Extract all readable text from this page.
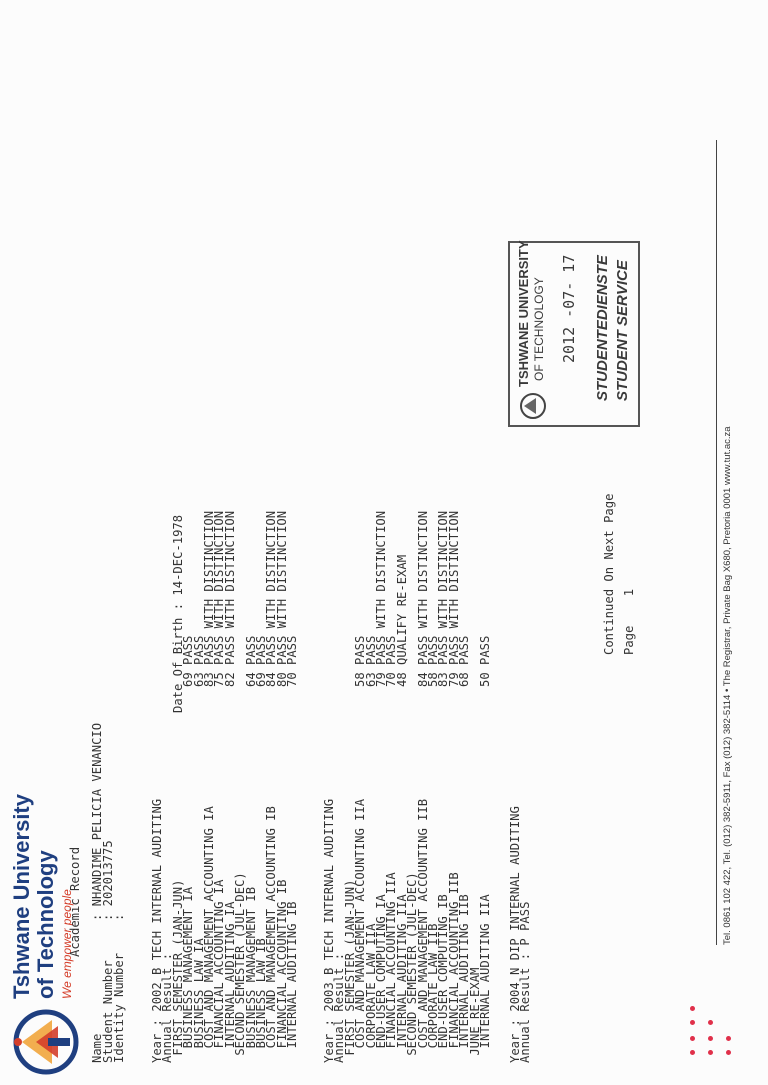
Tshwane University of Technology We empower people
Academic Record
Name
: NHANDIME PELICIA VENANCIO
Student Number
: 202013775
Identity Number
:
Date Of Birth : 14-DEC-1978
Year : 2002 B TECH INTERNAL AUDITING
Annual Result :
FIRST SEMESTER (JAN-JUN)
BUSINESS MANAGEMENT IA
69
PASS
BUSINESS LAW IA
63
PASS
COST AND MANAGEMENT ACCOUNTING IA
83
PASS WITH DISTINCTION
FINANCIAL ACCOUNTING IA
75
PASS WITH DISTINCTION
INTERNAL AUDITING IA
82
PASS WITH DISTINCTION
SECOND SEMESTER (JUL-DEC)
BUSINESS MANAGEMENT IB
64
PASS
BUSINESS LAW IB
69
PASS
COST AND MANAGEMENT ACCOUNTING IB
84
PASS WITH DISTINCTION
FINANCIAL ACCOUNTING IB
80
PASS WITH DISTINCTION
INTERNAL AUDITING IB
70
PASS
Year : 2003 B TECH INTERNAL AUDITING
Annual Result :
FIRST SEMESTER (JAN-JUN)
COST AND MANAGEMENT ACCOUNTING IIA
58
PASS
CORPORATE LAW IIA
63
PASS
END-USER COMPUTING IA
79
PASS WITH DISTINCTION
FINANCIAL ACCOUNTING IIA
70
PASS
INTERNAL AUDITING IIA
48
QUALIFY RE-EXAM
SECOND SEMESTER (JUL-DEC)
COST AND MANAGEMENT ACCOUNTING IIB
84
PASS WITH DISTINCTION
CORPORATE LAW IIB
58
PASS
END-USER COMPUTING IB
83
PASS WITH DISTINCTION
FINANCIAL ACCOUNTING IIB
79
PASS WITH DISTINCTION
INTERNAL AUDITING IIB
68
PASS
JUNE RE-EXAM
INTERNAL AUDITING IIA
50
PASS
Year : 2004 N DIP INTERNAL AUDITING
Annual Result : P PASS
Continued On Next Page Page    1
TSHWANE UNIVERSITY OF TECHNOLOGY 2012 -07- 17 STUDENTEDIENSTE STUDENT SERVICE
Tel. 0861 102 422, Tel. (012) 382-5911, Fax (012) 382-5114 • The Registrar, Private Bag X680, Pretoria 0001 www.tut.ac.za
